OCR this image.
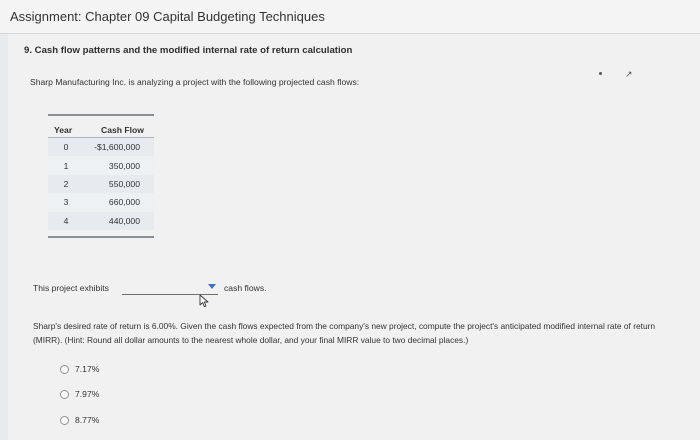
Assignment: Chapter 09 Capital Budgeting Techniques
9. Cash flow patterns and the modified internal rate of return calculation
Sharp Manufacturing Inc. is analyzing a project with the following projected cash flows:
↗
Year	Cash Flow
0	-$1,600,000
1	350,000
2	550,000
3	660,000
4	440,000
This project exhibits	cash flows.
Sharp's desired rate of return is 6.00%. Given the cash flows expected from the company's new project, compute the project's anticipated modified internal rate of return (MIRR). (Hint: Round all dollar amounts to the nearest whole dollar, and your final MIRR value to two decimal places.)
7.17%
7.97%
8.77%
